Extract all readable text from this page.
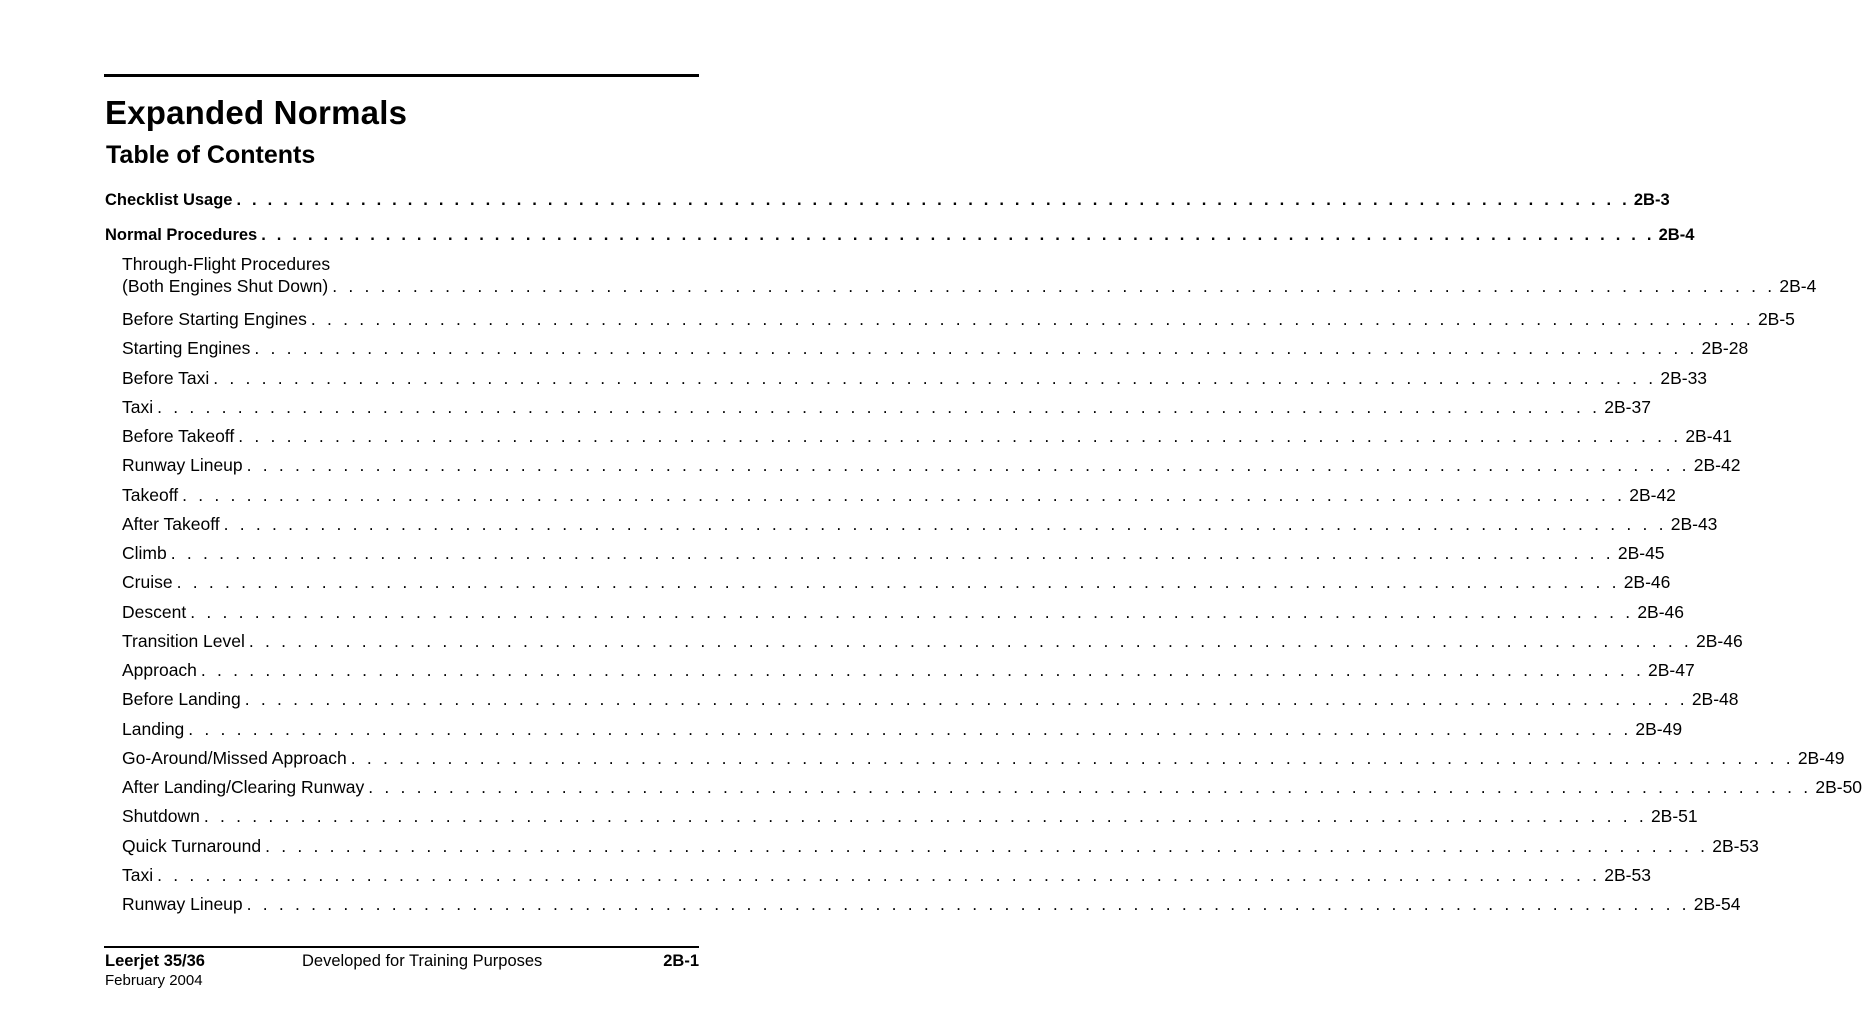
Expanded Normals
Table of Contents
Through-Flight Procedures
Checklist Usage . . . . . . . . . . . . . . . . . . . . . . . . . . . . . . . . . . . . . . . . . . . . . . . . . . . . . . . . . . . . . . . . . . . . . . . . . . . . . . . . . . . . . . . . . . 2B-3
Normal Procedures . . . . . . . . . . . . . . . . . . . . . . . . . . . . . . . . . . . . . . . . . . . . . . . . . . . . . . . . . . . . . . . . . . . . . . . . . . . . . . . . . . . . . . . . . . 2B-4
(Both Engines Shut Down) . . . . . . . . . . . . . . . . . . . . . . . . . . . . . . . . . . . . . . . . . . . . . . . . . . . . . . . . . . . . . . . . . . . . . . . . . . . . . . . . . . . . . . . . . . 2B-4
Before Starting Engines . . . . . . . . . . . . . . . . . . . . . . . . . . . . . . . . . . . . . . . . . . . . . . . . . . . . . . . . . . . . . . . . . . . . . . . . . . . . . . . . . . . . . . . . . . 2B-5
Starting Engines . . . . . . . . . . . . . . . . . . . . . . . . . . . . . . . . . . . . . . . . . . . . . . . . . . . . . . . . . . . . . . . . . . . . . . . . . . . . . . . . . . . . . . . . . . 2B-28
Before Taxi . . . . . . . . . . . . . . . . . . . . . . . . . . . . . . . . . . . . . . . . . . . . . . . . . . . . . . . . . . . . . . . . . . . . . . . . . . . . . . . . . . . . . . . . . . 2B-33
Taxi . . . . . . . . . . . . . . . . . . . . . . . . . . . . . . . . . . . . . . . . . . . . . . . . . . . . . . . . . . . . . . . . . . . . . . . . . . . . . . . . . . . . . . . . . . 2B-37
Before Takeoff . . . . . . . . . . . . . . . . . . . . . . . . . . . . . . . . . . . . . . . . . . . . . . . . . . . . . . . . . . . . . . . . . . . . . . . . . . . . . . . . . . . . . . . . . . 2B-41
Runway Lineup . . . . . . . . . . . . . . . . . . . . . . . . . . . . . . . . . . . . . . . . . . . . . . . . . . . . . . . . . . . . . . . . . . . . . . . . . . . . . . . . . . . . . . . . . . 2B-42
Takeoff . . . . . . . . . . . . . . . . . . . . . . . . . . . . . . . . . . . . . . . . . . . . . . . . . . . . . . . . . . . . . . . . . . . . . . . . . . . . . . . . . . . . . . . . . . 2B-42
After Takeoff . . . . . . . . . . . . . . . . . . . . . . . . . . . . . . . . . . . . . . . . . . . . . . . . . . . . . . . . . . . . . . . . . . . . . . . . . . . . . . . . . . . . . . . . . . 2B-43
Climb . . . . . . . . . . . . . . . . . . . . . . . . . . . . . . . . . . . . . . . . . . . . . . . . . . . . . . . . . . . . . . . . . . . . . . . . . . . . . . . . . . . . . . . . . . 2B-45
Cruise . . . . . . . . . . . . . . . . . . . . . . . . . . . . . . . . . . . . . . . . . . . . . . . . . . . . . . . . . . . . . . . . . . . . . . . . . . . . . . . . . . . . . . . . . . 2B-46
Descent . . . . . . . . . . . . . . . . . . . . . . . . . . . . . . . . . . . . . . . . . . . . . . . . . . . . . . . . . . . . . . . . . . . . . . . . . . . . . . . . . . . . . . . . . . 2B-46
Transition Level . . . . . . . . . . . . . . . . . . . . . . . . . . . . . . . . . . . . . . . . . . . . . . . . . . . . . . . . . . . . . . . . . . . . . . . . . . . . . . . . . . . . . . . . . . 2B-46
Approach . . . . . . . . . . . . . . . . . . . . . . . . . . . . . . . . . . . . . . . . . . . . . . . . . . . . . . . . . . . . . . . . . . . . . . . . . . . . . . . . . . . . . . . . . . 2B-47
Before Landing . . . . . . . . . . . . . . . . . . . . . . . . . . . . . . . . . . . . . . . . . . . . . . . . . . . . . . . . . . . . . . . . . . . . . . . . . . . . . . . . . . . . . . . . . . 2B-48
Landing . . . . . . . . . . . . . . . . . . . . . . . . . . . . . . . . . . . . . . . . . . . . . . . . . . . . . . . . . . . . . . . . . . . . . . . . . . . . . . . . . . . . . . . . . . 2B-49
Go-Around/Missed Approach . . . . . . . . . . . . . . . . . . . . . . . . . . . . . . . . . . . . . . . . . . . . . . . . . . . . . . . . . . . . . . . . . . . . . . . . . . . . . . . . . . . . . . . . . . 2B-49
After Landing/Clearing Runway . . . . . . . . . . . . . . . . . . . . . . . . . . . . . . . . . . . . . . . . . . . . . . . . . . . . . . . . . . . . . . . . . . . . . . . . . . . . . . . . . . . . . . . . . . 2B-50
Shutdown . . . . . . . . . . . . . . . . . . . . . . . . . . . . . . . . . . . . . . . . . . . . . . . . . . . . . . . . . . . . . . . . . . . . . . . . . . . . . . . . . . . . . . . . . . 2B-51
Quick Turnaround . . . . . . . . . . . . . . . . . . . . . . . . . . . . . . . . . . . . . . . . . . . . . . . . . . . . . . . . . . . . . . . . . . . . . . . . . . . . . . . . . . . . . . . . . . 2B-53
Taxi . . . . . . . . . . . . . . . . . . . . . . . . . . . . . . . . . . . . . . . . . . . . . . . . . . . . . . . . . . . . . . . . . . . . . . . . . . . . . . . . . . . . . . . . . . 2B-53
Runway Lineup . . . . . . . . . . . . . . . . . . . . . . . . . . . . . . . . . . . . . . . . . . . . . . . . . . . . . . . . . . . . . . . . . . . . . . . . . . . . . . . . . . . . . . . . . . 2B-54
Leerjet 35/36	Developed for Training Purposes	2B-1
February 2004
